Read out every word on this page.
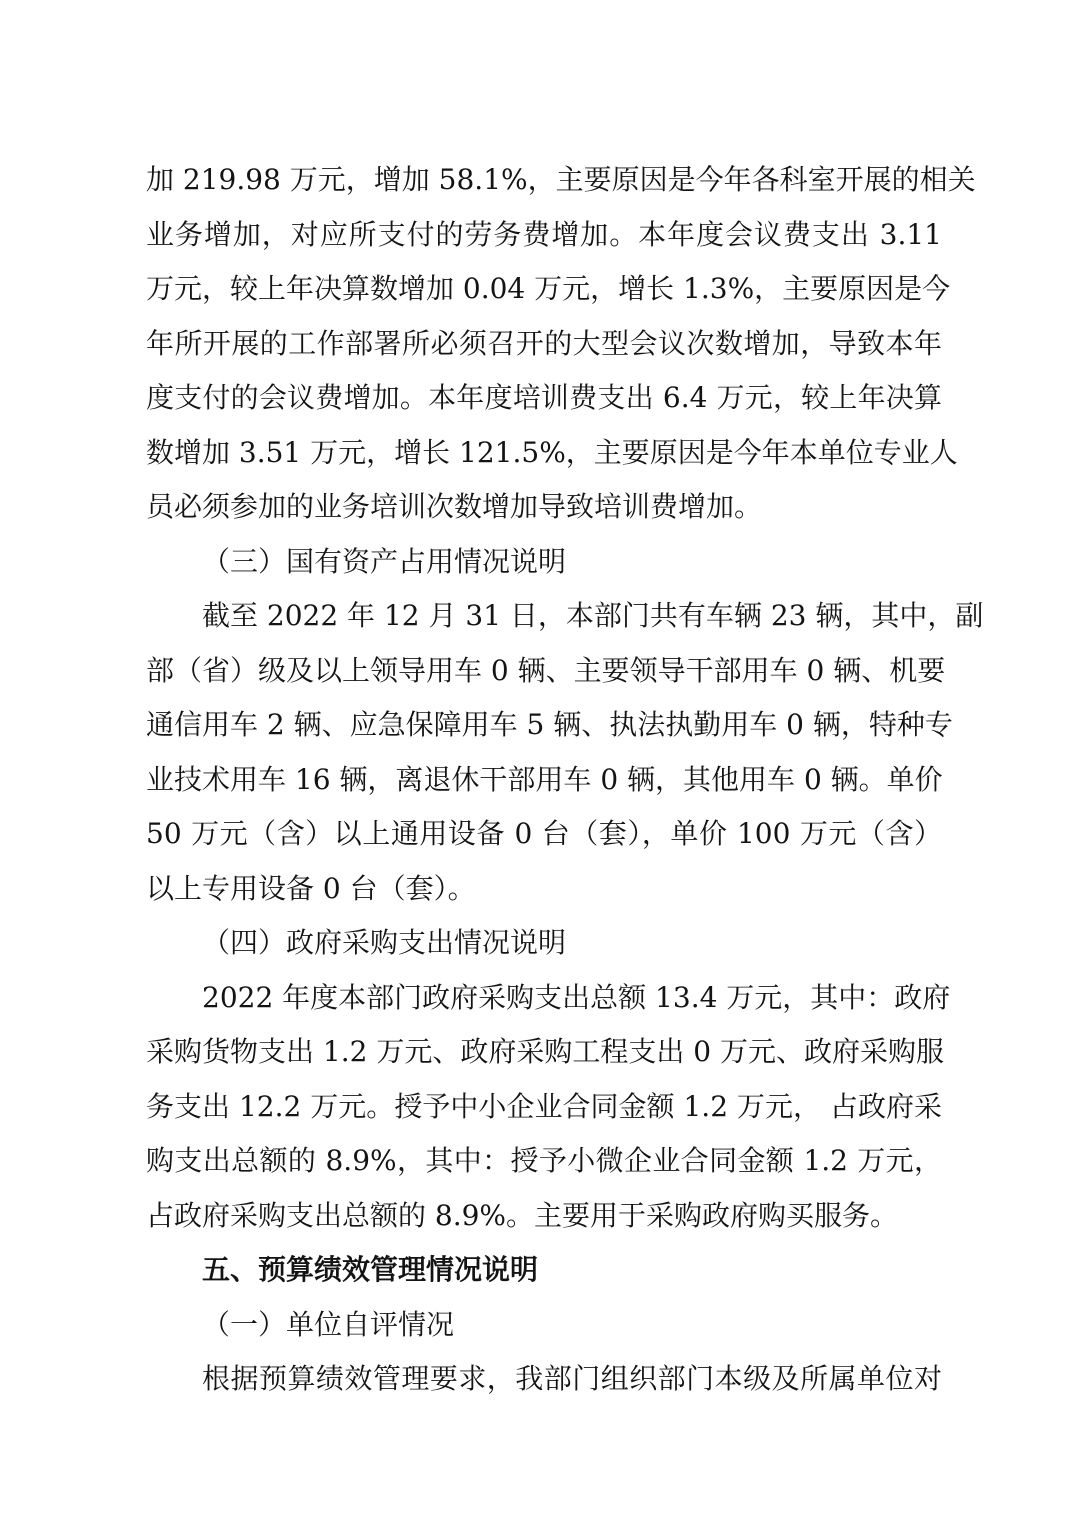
加 219.98 万元，增加 58.1%，主要原因是今年各科室开展的相关
业务增加，对应所支付的劳务费增加。本年度会议费支出 3.11
万元，较上年决算数增加 0.04 万元，增长 1.3%，主要原因是今
年所开展的工作部署所必须召开的大型会议次数增加，导致本年
度支付的会议费增加。本年度培训费支出 6.4 万元，较上年决算
数增加 3.51 万元，增长 121.5%，主要原因是今年本单位专业人
员必须参加的业务培训次数增加导致培训费增加。
（三）国有资产占用情况说明
截至 2022 年 12 月 31 日，本部门共有车辆 23 辆，其中，副
部（省）级及以上领导用车 0 辆、主要领导干部用车 0 辆、机要
通信用车 2 辆、应急保障用车 5 辆、执法执勤用车 0 辆，特种专
业技术用车 16 辆，离退休干部用车 0 辆，其他用车 0 辆。单价
50 万元（含）以上通用设备 0 台（套），单价 100 万元（含）
以上专用设备 0 台（套）。
（四）政府采购支出情况说明
2022 年度本部门政府采购支出总额 13.4 万元，其中：政府
采购货物支出 1.2 万元、政府采购工程支出 0 万元、政府采购服
务支出 12.2 万元。授予中小企业合同金额 1.2 万元， 占政府采
购支出总额的 8.9%，其中：授予小微企业合同金额 1.2 万元，
占政府采购支出总额的 8.9%。主要用于采购政府购买服务。
五、预算绩效管理情况说明
（一）单位自评情况
根据预算绩效管理要求，我部门组织部门本级及所属单位对
